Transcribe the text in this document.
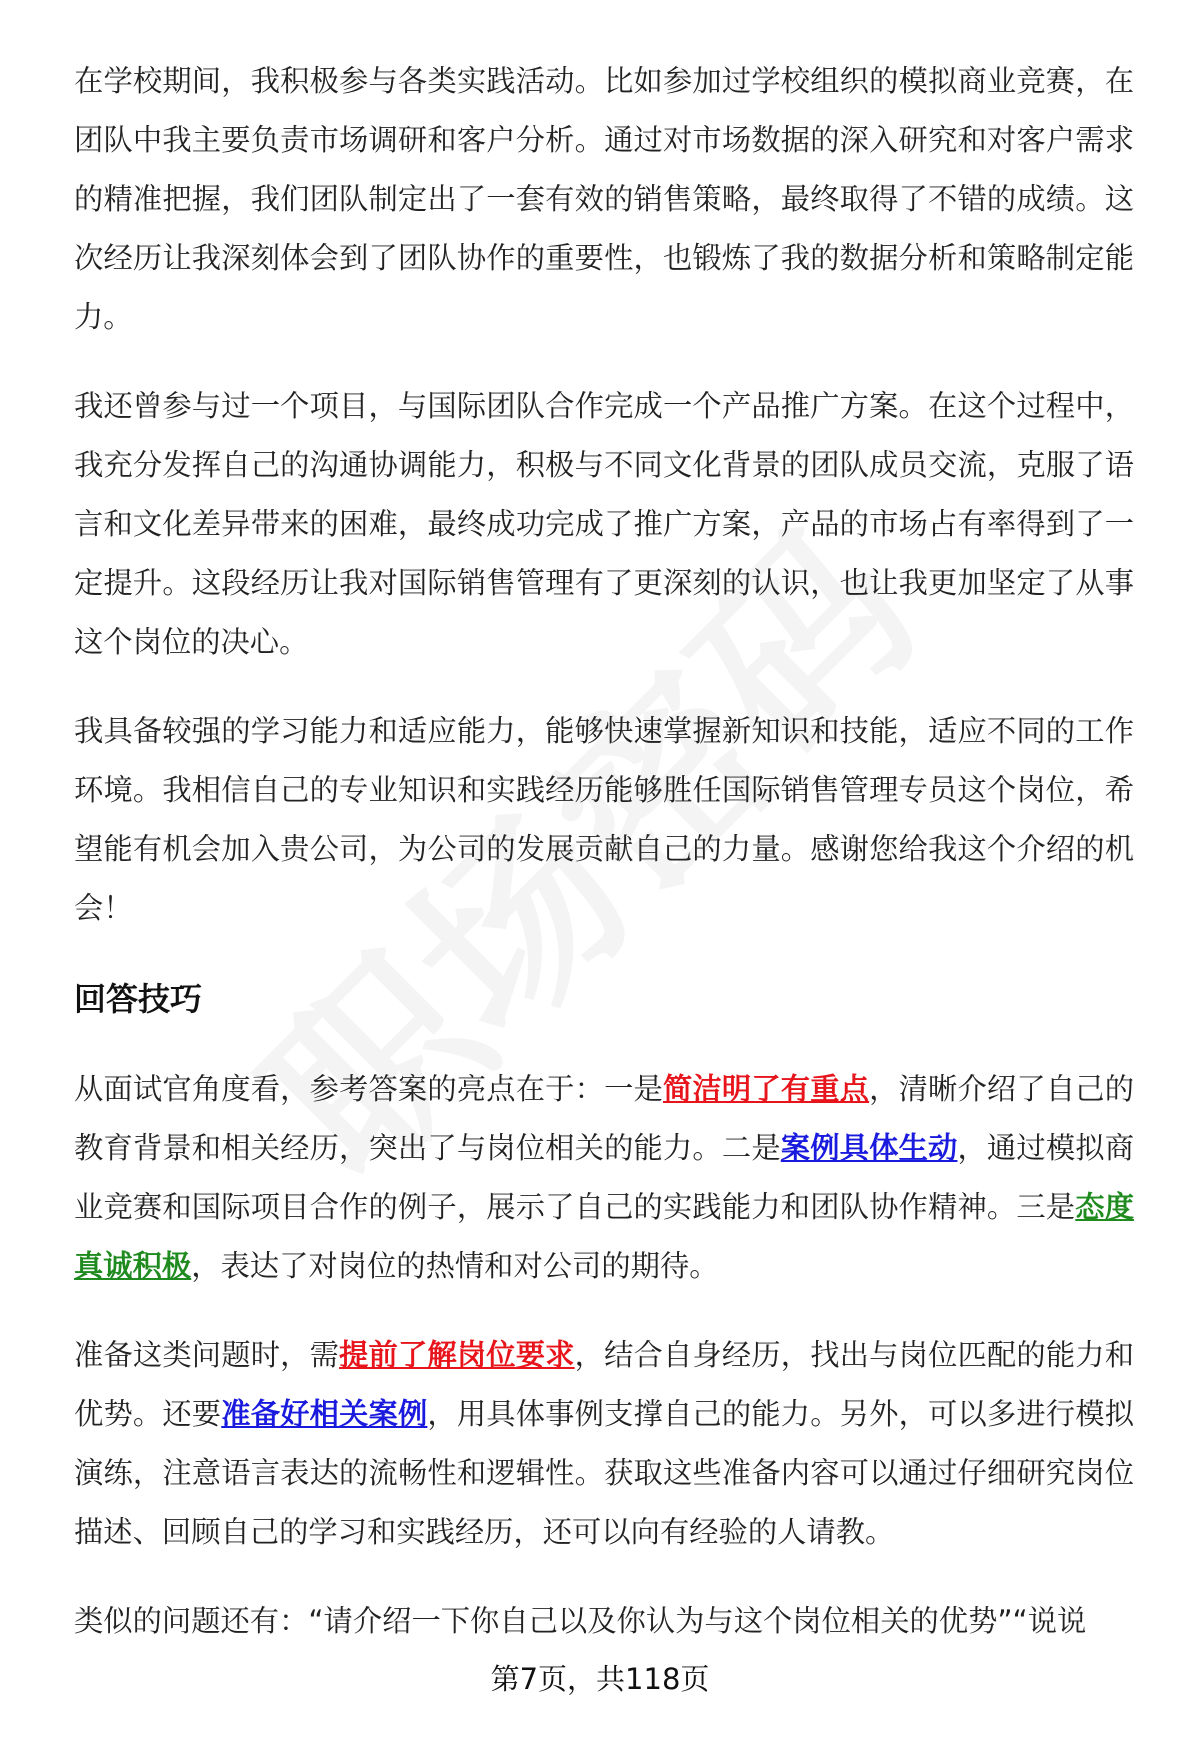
在学校期间，我积极参与各类实践活动。比如参加过学校组织的模拟商业竞赛，在团队中我主要负责市场调研和客户分析。通过对市场数据的深入研究和对客户需求的精准把握，我们团队制定出了一套有效的销售策略，最终取得了不错的成绩。这次经历让我深刻体会到了团队协作的重要性，也锻炼了我的数据分析和策略制定能力。

我还曾参与过一个项目，与国际团队合作完成一个产品推广方案。在这个过程中，我充分发挥自己的沟通协调能力，积极与不同文化背景的团队成员交流，克服了语言和文化差异带来的困难，最终成功完成了推广方案，产品的市场占有率得到了一定提升。这段经历让我对国际销售管理有了更深刻的认识，也让我更加坚定了从事这个岗位的决心。

我具备较强的学习能力和适应能力，能够快速掌握新知识和技能，适应不同的工作环境。我相信自己的专业知识和实践经历能够胜任国际销售管理专员这个岗位，希望能有机会加入贵公司，为公司的发展贡献自己的力量。感谢您给我这个介绍的机会！

回答技巧

从面试官角度看，参考答案的亮点在于：一是简洁明了有重点，清晰介绍了自己的教育背景和相关经历，突出了与岗位相关的能力。二是案例具体生动，通过模拟商业竞赛和国际项目合作的例子，展示了自己的实践能力和团队协作精神。三是态度真诚积极，表达了对岗位的热情和对公司的期待。

准备这类问题时，需提前了解岗位要求，结合自身经历，找出与岗位匹配的能力和优势。还要准备好相关案例，用具体事例支撑自己的能力。另外，可以多进行模拟演练，注意语言表达的流畅性和逻辑性。获取这些准备内容可以通过仔细研究岗位描述、回顾自己的学习和实践经历，还可以向有经验的人请教。

类似的问题还有：“请介绍一下你自己以及你认为与这个岗位相关的优势”“说说

第7页，共118页
